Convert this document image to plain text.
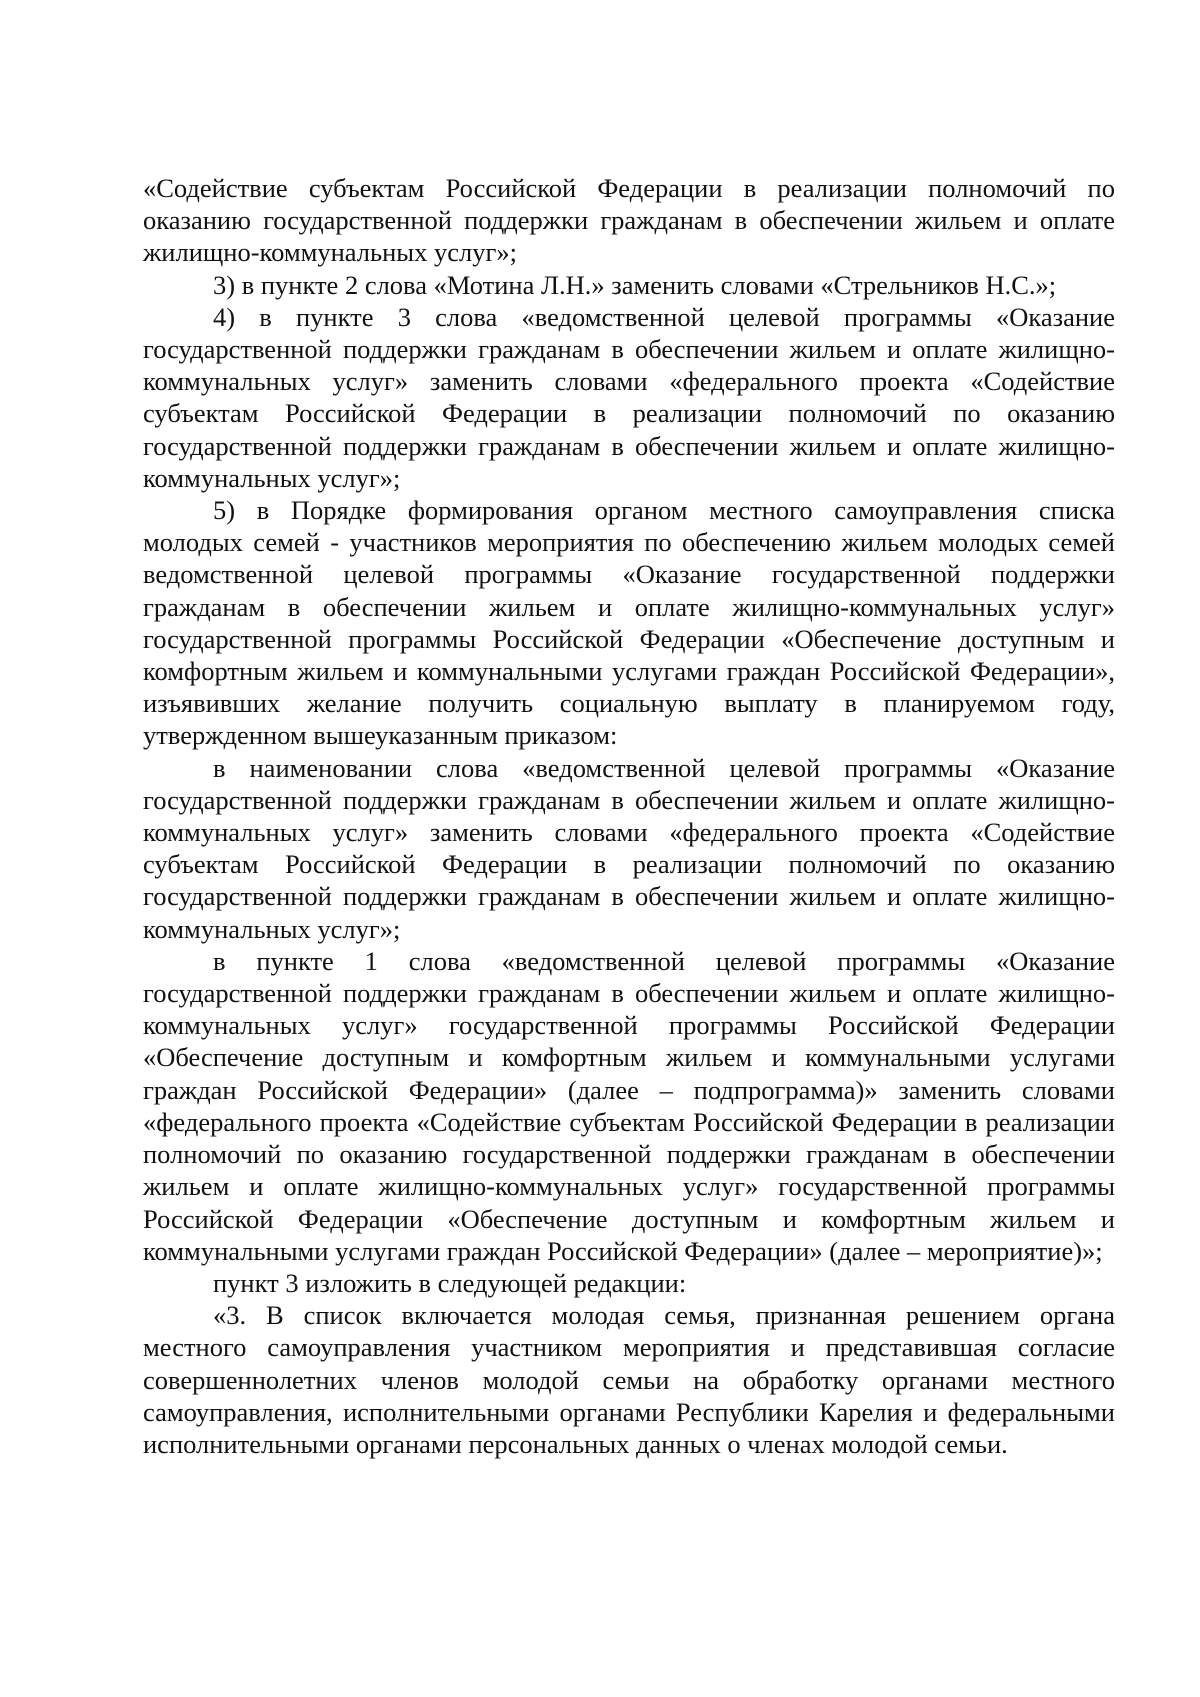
«Содействие субъектам Российской Федерации в реализации полномочий по оказанию государственной поддержки гражданам в обеспечении жильем и оплате жилищно-коммунальных услуг»;

3) в пункте 2 слова «Мотина Л.Н.» заменить словами «Стрельников Н.С.»;

4) в пункте 3 слова «ведомственной целевой программы «Оказание государственной поддержки гражданам в обеспечении жильем и оплате жилищно-коммунальных услуг» заменить словами «федерального проекта «Содействие субъектам Российской Федерации в реализации полномочий по оказанию государственной поддержки гражданам в обеспечении жильем и оплате жилищно-коммунальных услуг»;

5) в Порядке формирования органом местного самоуправления списка молодых семей - участников мероприятия по обеспечению жильем молодых семей ведомственной целевой программы «Оказание государственной поддержки гражданам в обеспечении жильем и оплате жилищно-коммунальных услуг» государственной программы Российской Федерации «Обеспечение доступным и комфортным жильем и коммунальными услугами граждан Российской Федерации», изъявивших желание получить социальную выплату в планируемом году, утвержденном вышеуказанным приказом:

в наименовании слова «ведомственной целевой программы «Оказание государственной поддержки гражданам в обеспечении жильем и оплате жилищно-коммунальных услуг» заменить словами «федерального проекта «Содействие субъектам Российской Федерации в реализации полномочий по оказанию государственной поддержки гражданам в обеспечении жильем и оплате жилищно-коммунальных услуг»;

в пункте 1 слова «ведомственной целевой программы «Оказание государственной поддержки гражданам в обеспечении жильем и оплате жилищно-коммунальных услуг» государственной программы Российской Федерации «Обеспечение доступным и комфортным жильем и коммунальными услугами граждан Российской Федерации» (далее – подпрограмма)» заменить словами «федерального проекта «Содействие субъектам Российской Федерации в реализации полномочий по оказанию государственной поддержки гражданам в обеспечении жильем и оплате жилищно-коммунальных услуг» государственной программы Российской Федерации «Обеспечение доступным и комфортным жильем и коммунальными услугами граждан Российской Федерации» (далее – мероприятие)»;

пункт 3 изложить в следующей редакции:

«3. В список включается молодая семья, признанная решением органа местного самоуправления участником мероприятия и представившая согласие совершеннолетних членов молодой семьи на обработку органами местного самоуправления, исполнительными органами Республики Карелия и федеральными исполнительными органами персональных данных о членах молодой семьи.
